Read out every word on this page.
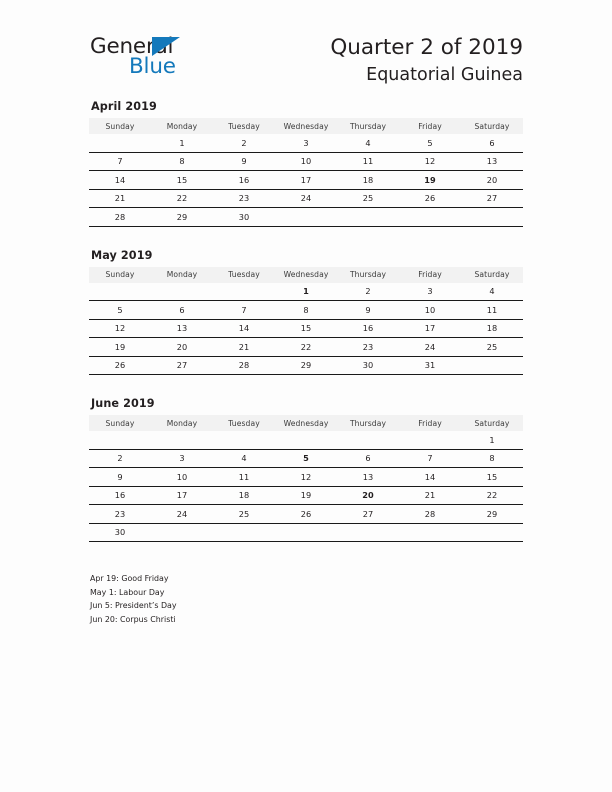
General
Blue
Quarter 2 of 2019
Equatorial Guinea
April 2019
Sunday	Monday	Tuesday	Wednesday	Thursday	Friday	Saturday
	1	2	3	4	5	6
7	8	9	10	11	12	13
14	15	16	17	18	19	20
21	22	23	24	25	26	27
28	29	30				
May 2019
Sunday	Monday	Tuesday	Wednesday	Thursday	Friday	Saturday
			1	2	3	4
5	6	7	8	9	10	11
12	13	14	15	16	17	18
19	20	21	22	23	24	25
26	27	28	29	30	31	
June 2019
Sunday	Monday	Tuesday	Wednesday	Thursday	Friday	Saturday
						1
2	3	4	5	6	7	8
9	10	11	12	13	14	15
16	17	18	19	20	21	22
23	24	25	26	27	28	29
30						
Apr 19: Good Friday
May 1: Labour Day
Jun 5: President’s Day
Jun 20: Corpus Christi
